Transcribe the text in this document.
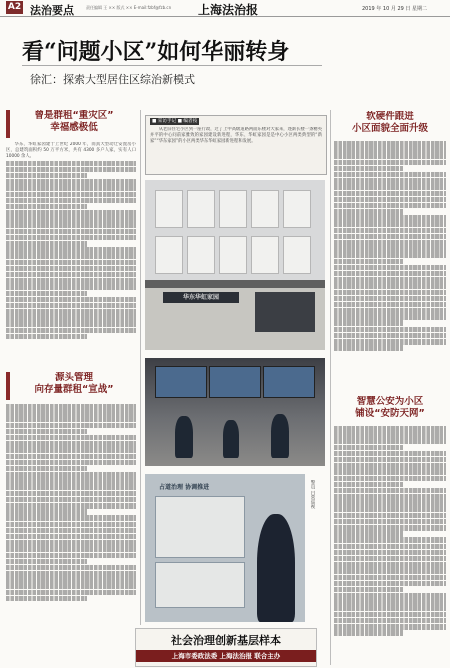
A2 法治要点	责任编辑 王 ×× 版式 ×× E-mail:fzbf@fzb.cn 上海法治报	2019 年 10 月 29 日 星期二
看“问题小区”如何华丽转身
徐汇：探索大型居住区综治新模式
曾是群租“重灾区”
幸福感极低

华东、华虹家园建于上世纪 2000 年，而真大型动迁安置房小区，总建筑面积约 50 万平方米，共有 4300 多户人家，实有人口 10000 余人。

源头管理
向存量群租“宣战”
■ 采访手记 ■ 编者按

从老旧住宅小区到一座行政，过了上中高级道路两面东楼对大家来，逐渐长楼一条精英并平的中心问前家雅致的家园建设新进程，华东、华虹家园是是中心小区两类典型的“新家”“华东家园”的小区两类华东华虹家园新进程和发展。

华东华虹家园
占道治理 协调推进	警员 日常巡视
软硬件跟进
小区面貌全面升级
智慧公安为小区
铺设“安防天网”
社会治理创新基层样本
上海市委政法委 上海法治报 联合主办
